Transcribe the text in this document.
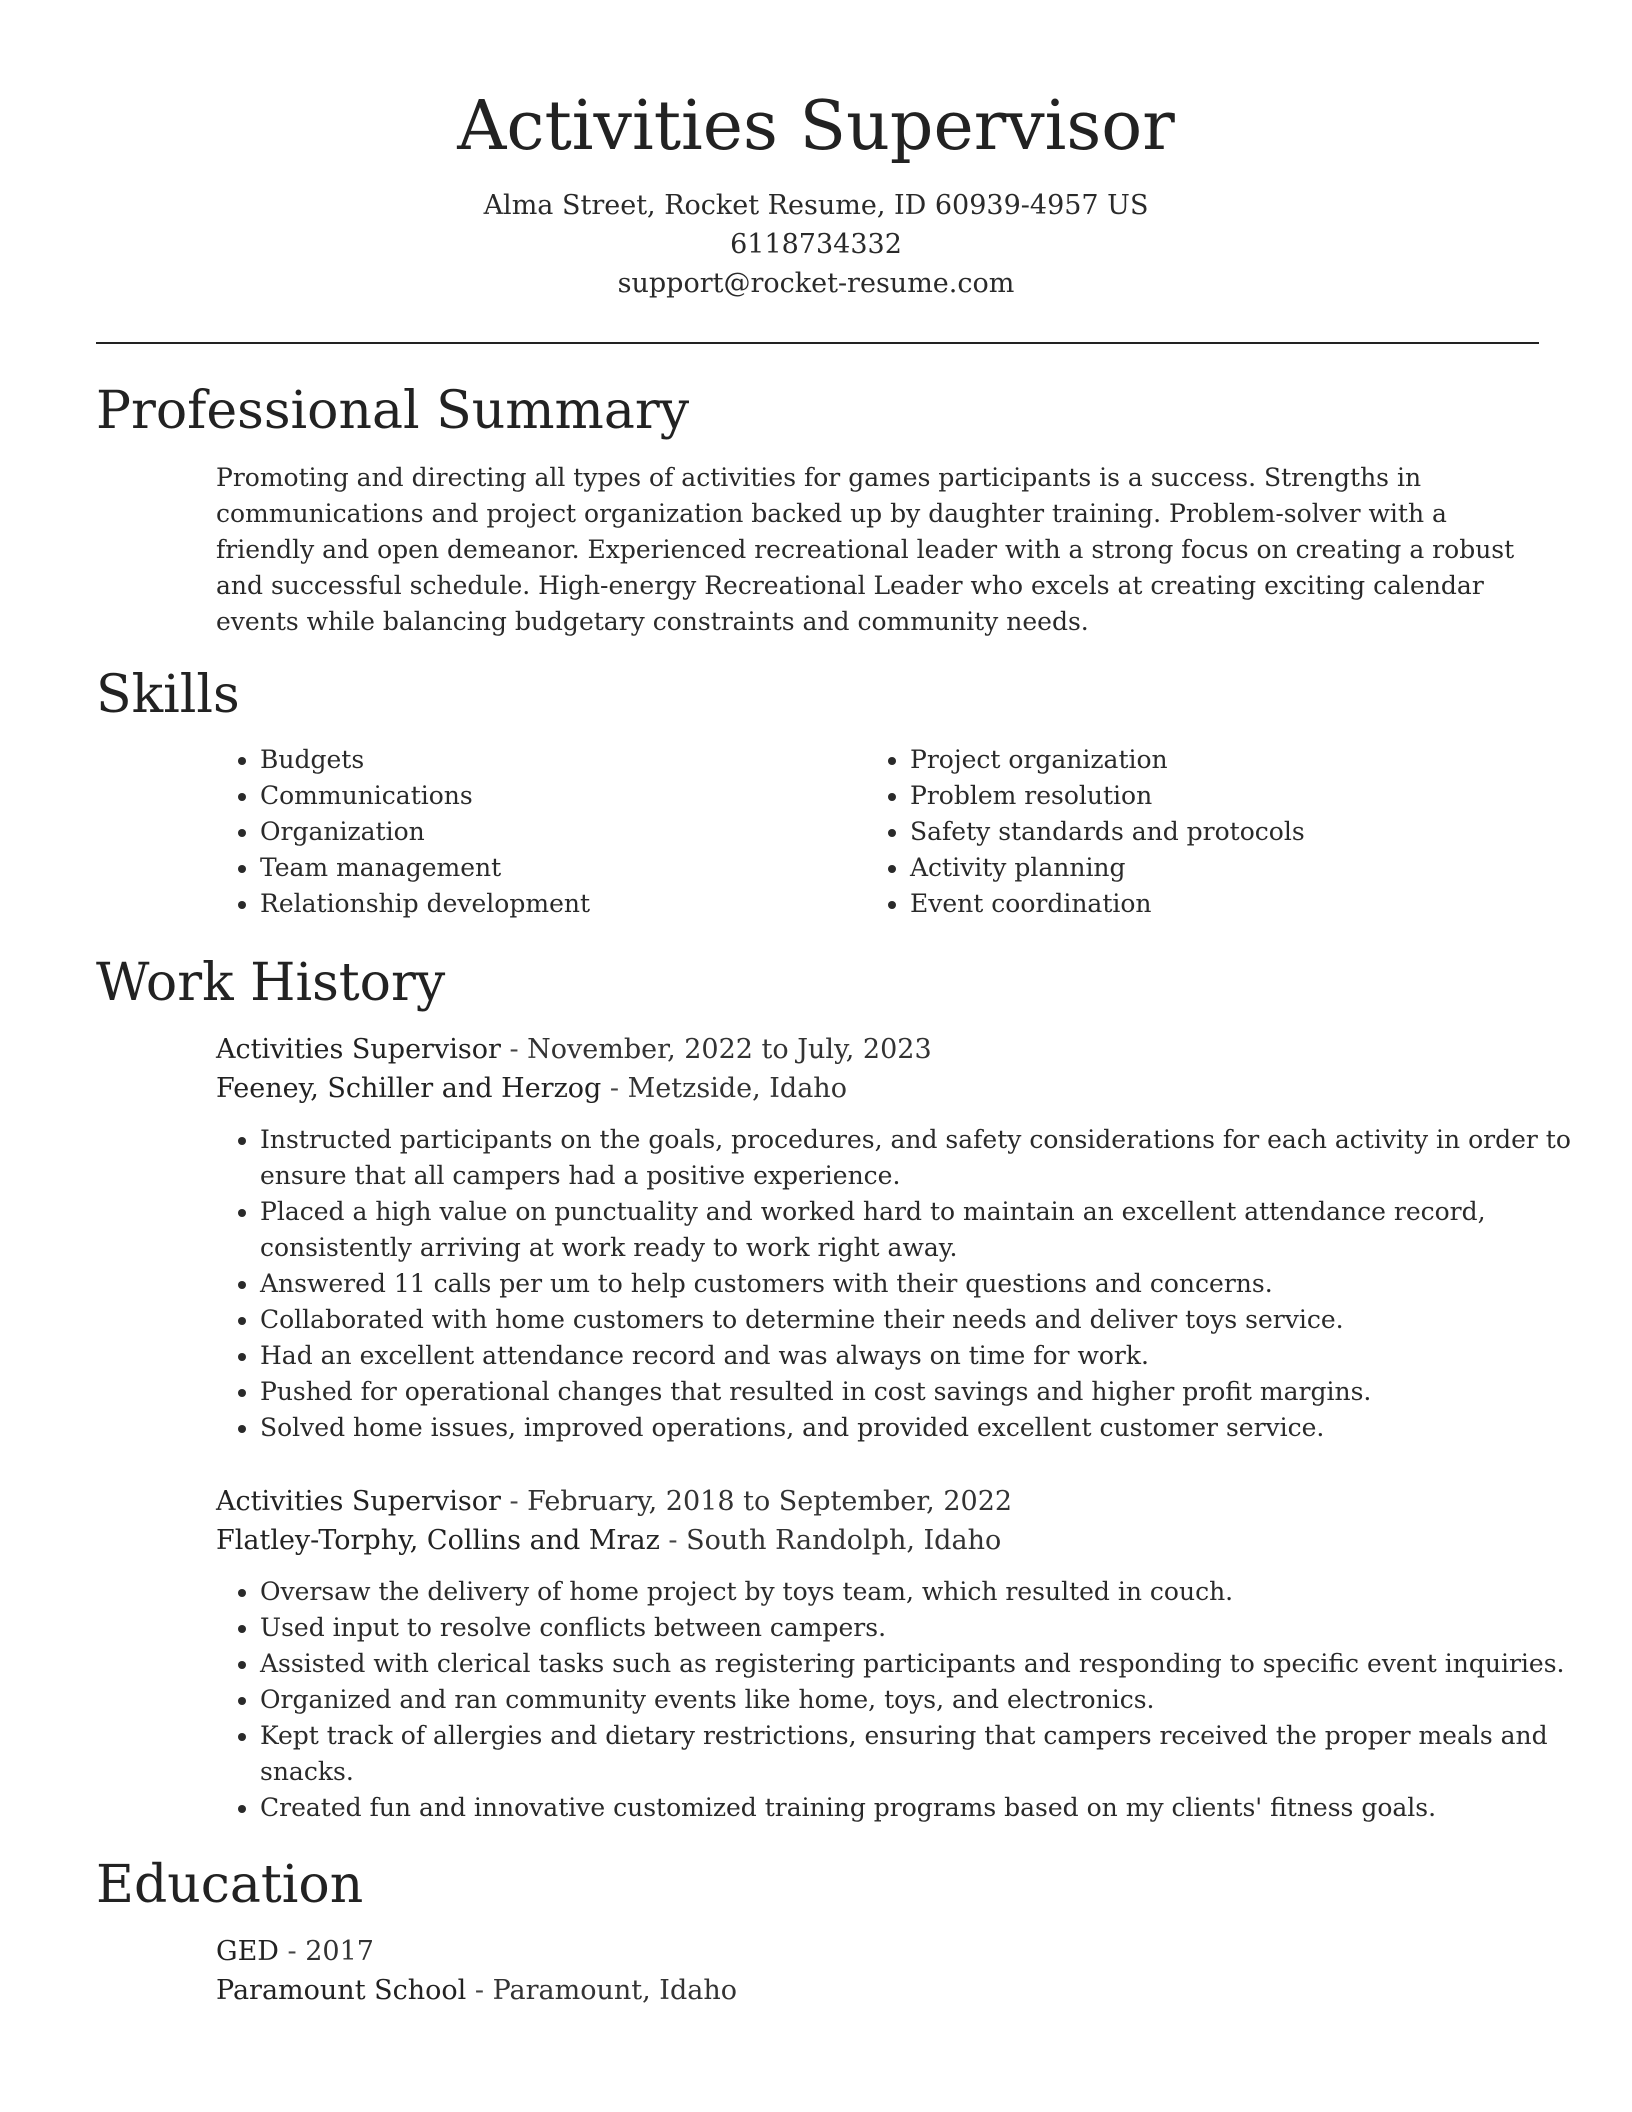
Activities Supervisor

Alma Street, Rocket Resume, ID 60939-4957 US

6118734332

support@rocket-resume.com

Professional Summary

Promoting and directing all types of activities for games participants is a success. Strengths in communications and project organization backed up by daughter training. Problem-solver with a friendly and open demeanor. Experienced recreational leader with a strong focus on creating a robust and successful schedule. High-energy Recreational Leader who excels at creating exciting calendar events while balancing budgetary constraints and community needs.

Skills
• Budgets
• Communications
• Organization
• Team management
• Relationship development
• Project organization
• Problem resolution
• Safety standards and protocols
• Activity planning
• Event coordination
Work History

Activities Supervisor - November, 2022 to July, 2023

Feeney, Schiller and Herzog - Metzside, Idaho

• Instructed participants on the goals, procedures, and safety considerations for each activity in order to ensure that all campers had a positive experience.
• Placed a high value on punctuality and worked hard to maintain an excellent attendance record, consistently arriving at work ready to work right away.
• Answered 11 calls per um to help customers with their questions and concerns.
• Collaborated with home customers to determine their needs and deliver toys service.
• Had an excellent attendance record and was always on time for work.
• Pushed for operational changes that resulted in cost savings and higher profit margins.
• Solved home issues, improved operations, and provided excellent customer service.

Activities Supervisor - February, 2018 to September, 2022

Flatley-Torphy, Collins and Mraz - South Randolph, Idaho

• Oversaw the delivery of home project by toys team, which resulted in couch.
• Used input to resolve conflicts between campers.
• Assisted with clerical tasks such as registering participants and responding to specific event inquiries.
• Organized and ran community events like home, toys, and electronics.
• Kept track of allergies and dietary restrictions, ensuring that campers received the proper meals and snacks.
• Created fun and innovative customized training programs based on my clients' fitness goals.
Education

GED - 2017

Paramount School - Paramount, Idaho
